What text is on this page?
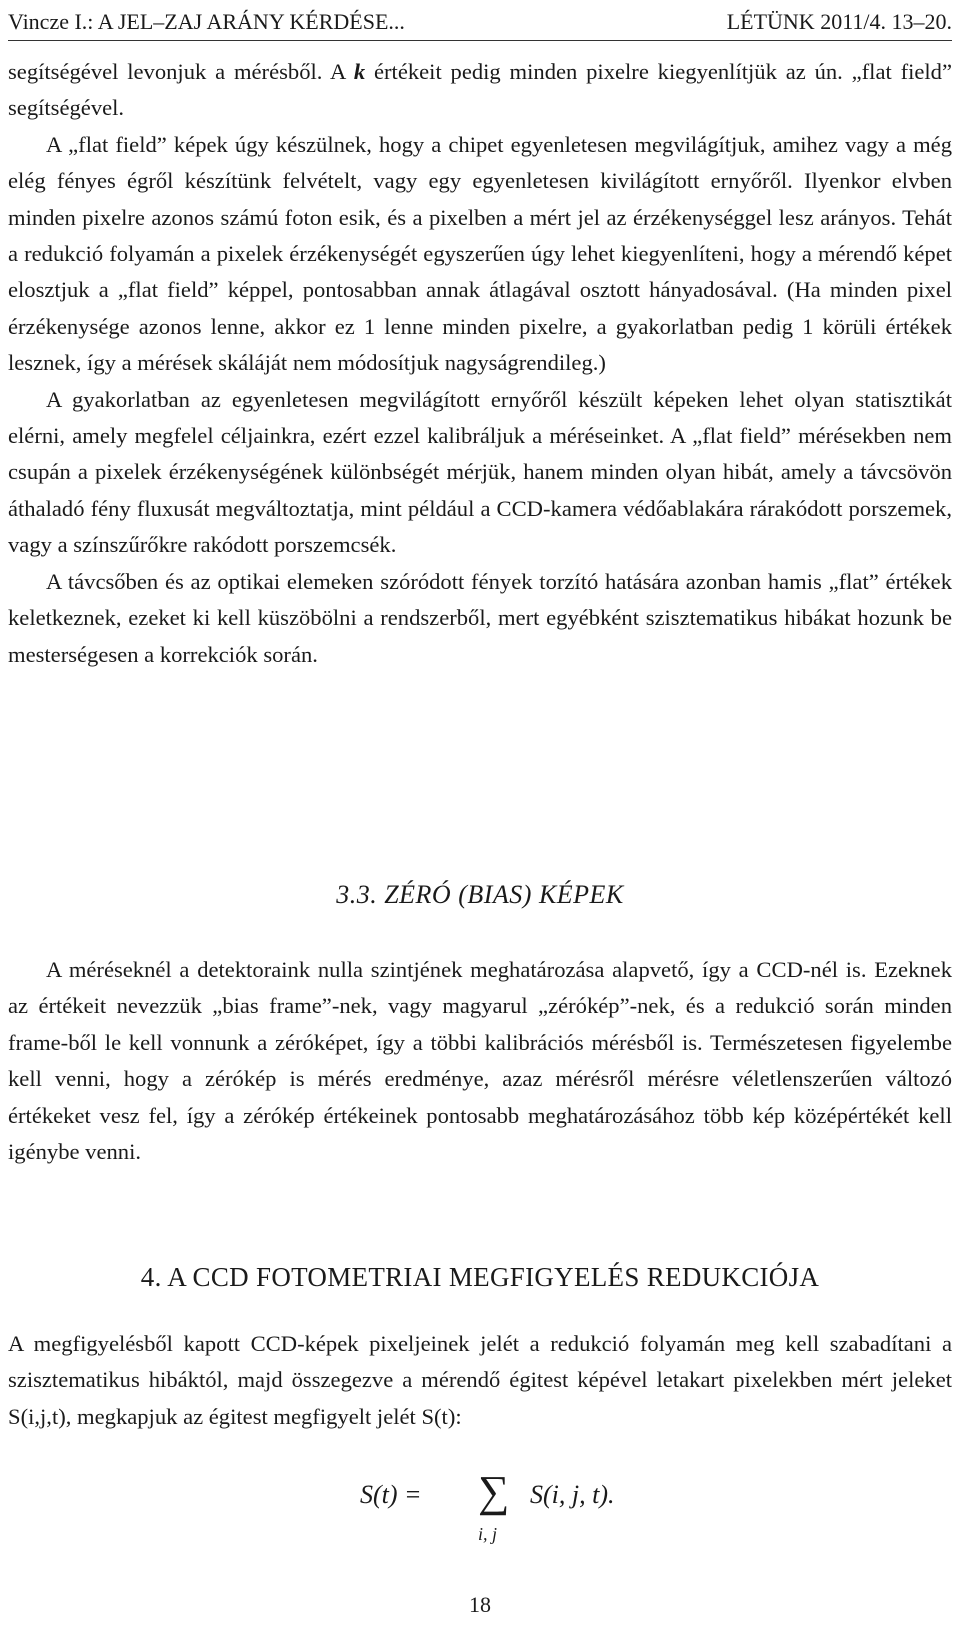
Vincze I.: A JEL–ZAJ ARÁNY KÉRDÉSE...	LÉTÜNK 2011/4. 13–20.

segítségével levonjuk a mérésből. A k értékeit pedig minden pixelre kiegyenlítjük az ún. „flat field” segítségével.

A „flat field” képek úgy készülnek, hogy a chipet egyenletesen megvilágítjuk, amihez vagy a még elég fényes égről készítünk felvételt, vagy egy egyenletesen kivilágított ernyőről. Ilyenkor elvben minden pixelre azonos számú foton esik, és a pixelben a mért jel az érzékenységgel lesz arányos. Tehát a redukció folyamán a pixelek érzékenységét egyszerűen úgy lehet kiegyenlíteni, hogy a mérendő képet elosztjuk a „flat field” képpel, pontosabban annak átlagával osztott hányadosával. (Ha minden pixel érzékenysége azonos lenne, akkor ez 1 lenne minden pixelre, a gyakorlatban pedig 1 körüli értékek lesznek, így a mérések skáláját nem módosítjuk nagyságrendileg.)

A gyakorlatban az egyenletesen megvilágított ernyőről készült képeken lehet olyan statisztikát elérni, amely megfelel céljainkra, ezért ezzel kalibráljuk a méréseinket. A „flat field” mérésekben nem csupán a pixelek érzékenységének különbségét mérjük, hanem minden olyan hibát, amely a távcsövön áthaladó fény fluxusát megváltoztatja, mint például a CCD-kamera védőablakára rárakódott porszemek, vagy a színszűrőkre rakódott porszemcsék.

A távcsőben és az optikai elemeken szóródott fények torzító hatására azonban hamis „flat” értékek keletkeznek, ezeket ki kell küszöbölni a rendszerből, mert egyébként szisztematikus hibákat hozunk be mesterségesen a korrekciók során.

3.3. ZÉRÓ (BIAS) KÉPEK

A méréseknél a detektoraink nulla szintjének meghatározása alapvető, így a CCD-nél is. Ezeknek az értékeit nevezzük „bias frame”-nek, vagy magyarul „zérókép”-nek, és a redukció során minden frame-ből le kell vonnunk a zéróképet, így a többi kalibrációs mérésből is. Természetesen figyelembe kell venni, hogy a zérókép is mérés eredménye, azaz mérésről mérésre véletlenszerűen változó értékeket vesz fel, így a zérókép értékeinek pontosabb meghatározásához több kép középértékét kell igénybe venni.

4. A CCD FOTOMETRIAI MEGFIGYELÉS REDUKCIÓJA

A megfigyelésből kapott CCD-képek pixeljeinek jelét a redukció folyamán meg kell szabadítani a szisztematikus hibáktól, majd összegezve a mérendő égitest képével letakart pixelekben mért jeleket S(i,j,t), megkapjuk az égitest megfigyelt jelét S(t):

S(t) = ∑
i, j
S(i, j, t).
18
